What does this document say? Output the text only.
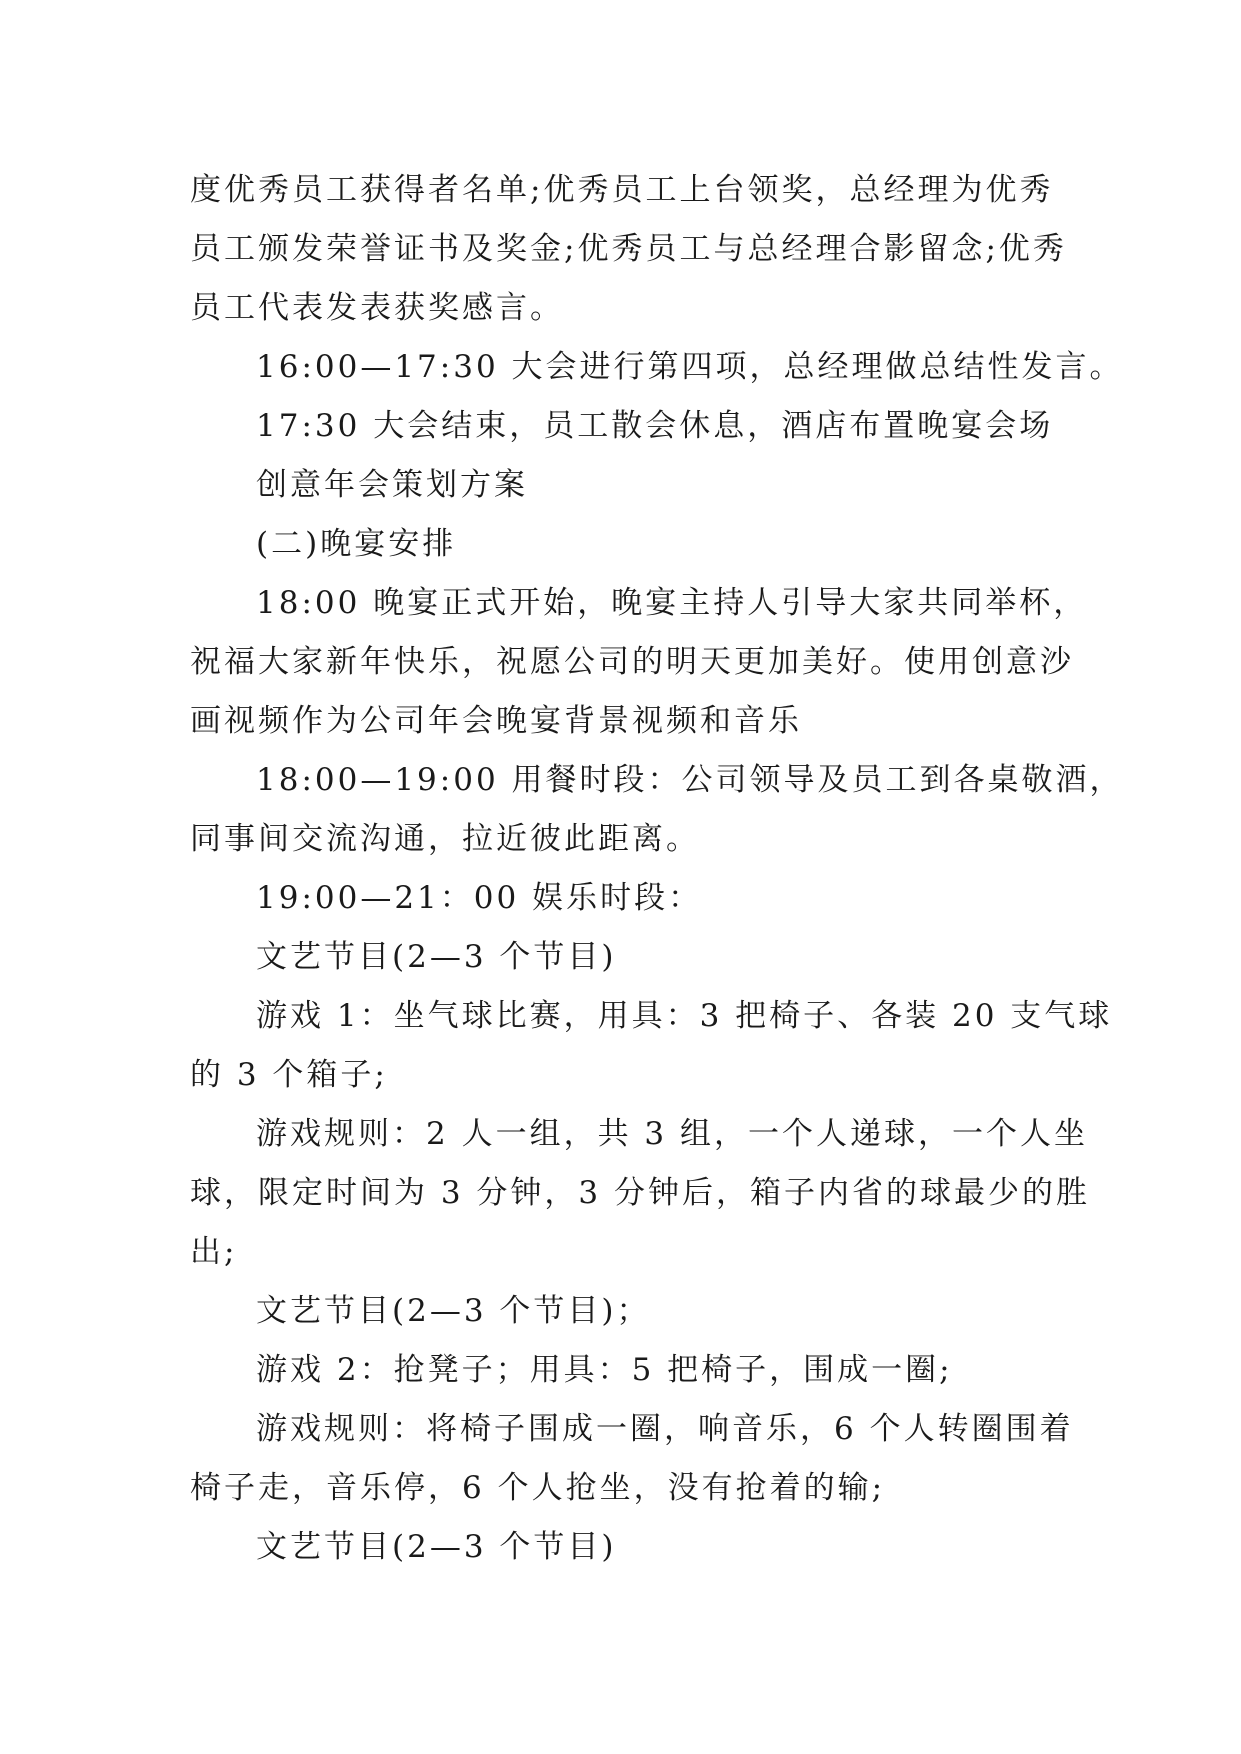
度优秀员工获得者名单;优秀员工上台领奖，总经理为优秀
员工颁发荣誉证书及奖金;优秀员工与总经理合影留念;优秀
员工代表发表获奖感言。
16:00—17:30 大会进行第四项，总经理做总结性发言。
17:30 大会结束，员工散会休息，酒店布置晚宴会场
创意年会策划方案
(二)晚宴安排
18:00 晚宴正式开始，晚宴主持人引导大家共同举杯，
祝福大家新年快乐，祝愿公司的明天更加美好。使用创意沙
画视频作为公司年会晚宴背景视频和音乐
18:00—19:00 用餐时段：公司领导及员工到各桌敬酒，
同事间交流沟通，拉近彼此距离。
19:00—21：00 娱乐时段：
文艺节目(2—3 个节目)
游戏 1：坐气球比赛，用具：3 把椅子、各装 20 支气球
的 3 个箱子;
游戏规则：2 人一组，共 3 组，一个人递球，一个人坐
球，限定时间为 3 分钟，3 分钟后，箱子内省的球最少的胜
出;
文艺节目(2—3 个节目)；
游戏 2：抢凳子；用具：5 把椅子，围成一圈;
游戏规则：将椅子围成一圈，响音乐，6 个人转圈围着
椅子走，音乐停，6 个人抢坐，没有抢着的输;
文艺节目(2—3 个节目)
